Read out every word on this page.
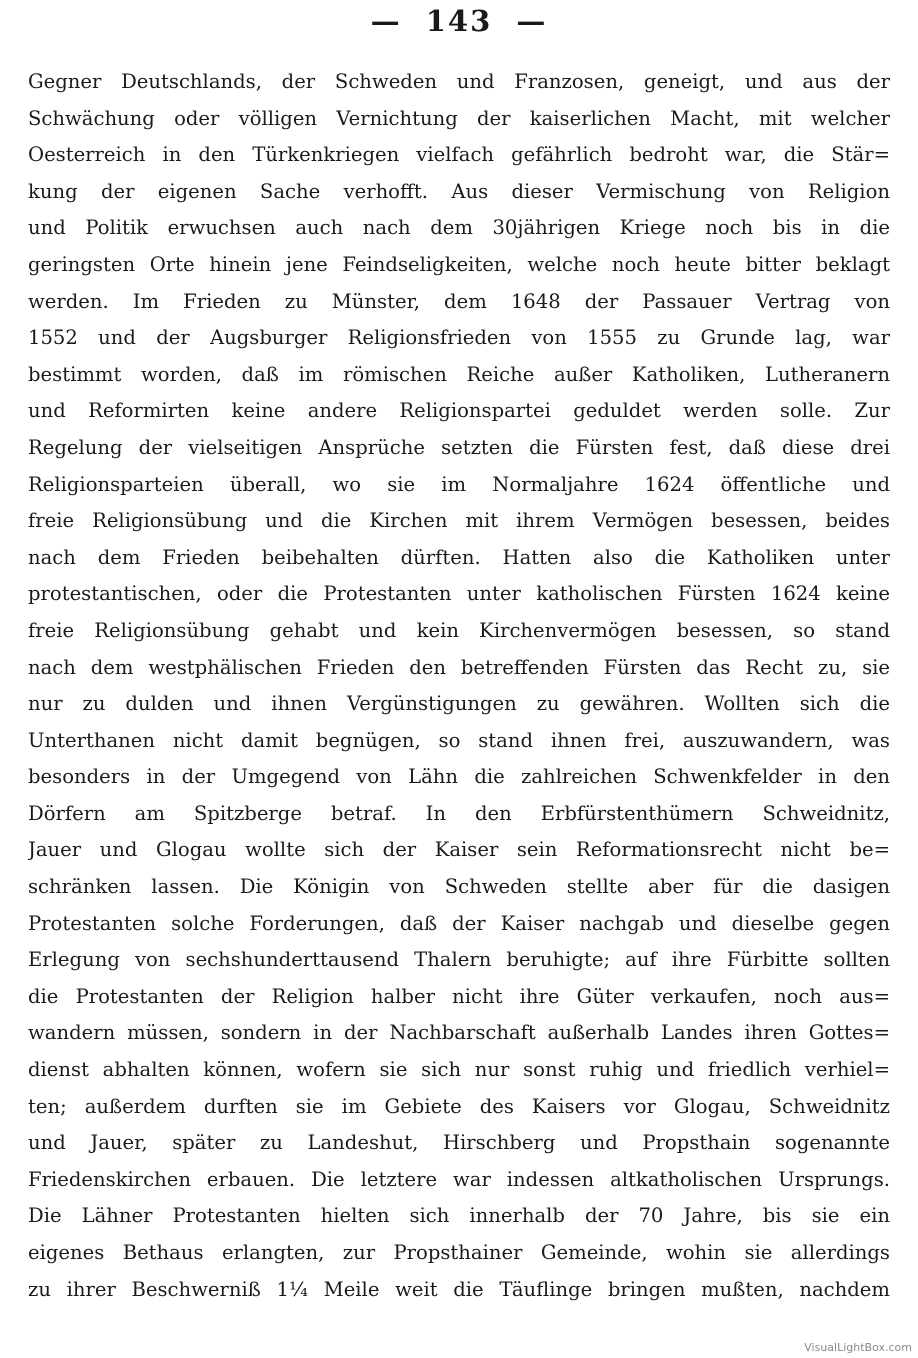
— 143 —
Gegner Deutschlands, der Schweden und Franzosen, geneigt, und aus der
Schwächung oder völligen Vernichtung der kaiserlichen Macht, mit welcher
Oesterreich in den Türkenkriegen vielfach gefährlich bedroht war, die Stär=
kung der eigenen Sache verhofft. Aus dieser Vermischung von Religion
und Politik erwuchsen auch nach dem 30jährigen Kriege noch bis in die
geringsten Orte hinein jene Feindseligkeiten, welche noch heute bitter beklagt
werden. Im Frieden zu Münster, dem 1648 der Passauer Vertrag von
1552 und der Augsburger Religionsfrieden von 1555 zu Grunde lag, war
bestimmt worden, daß im römischen Reiche außer Katholiken, Lutheranern
und Reformirten keine andere Religionspartei geduldet werden solle. Zur
Regelung der vielseitigen Ansprüche setzten die Fürsten fest, daß diese drei
Religionsparteien überall, wo sie im Normaljahre 1624 öffentliche und
freie Religionsübung und die Kirchen mit ihrem Vermögen besessen, beides
nach dem Frieden beibehalten dürften. Hatten also die Katholiken unter
protestantischen, oder die Protestanten unter katholischen Fürsten 1624 keine
freie Religionsübung gehabt und kein Kirchenvermögen besessen, so stand
nach dem westphälischen Frieden den betreffenden Fürsten das Recht zu, sie
nur zu dulden und ihnen Vergünstigungen zu gewähren. Wollten sich die
Unterthanen nicht damit begnügen, so stand ihnen frei, auszuwandern, was
besonders in der Umgegend von Lähn die zahlreichen Schwenkfelder in den
Dörfern am Spitzberge betraf. In den Erbfürstenthümern Schweidnitz,
Jauer und Glogau wollte sich der Kaiser sein Reformationsrecht nicht be=
schränken lassen. Die Königin von Schweden stellte aber für die dasigen
Protestanten solche Forderungen, daß der Kaiser nachgab und dieselbe gegen
Erlegung von sechshunderttausend Thalern beruhigte; auf ihre Fürbitte sollten
die Protestanten der Religion halber nicht ihre Güter verkaufen, noch aus=
wandern müssen, sondern in der Nachbarschaft außerhalb Landes ihren Gottes=
dienst abhalten können, wofern sie sich nur sonst ruhig und friedlich verhiel=
ten; außerdem durften sie im Gebiete des Kaisers vor Glogau, Schweidnitz
und Jauer, später zu Landeshut, Hirschberg und Propsthain sogenannte
Friedenskirchen erbauen. Die letztere war indessen altkatholischen Ursprungs.
Die Lähner Protestanten hielten sich innerhalb der 70 Jahre, bis sie ein
eigenes Bethaus erlangten, zur Propsthainer Gemeinde, wohin sie allerdings
zu ihrer Beschwerniß 1¼ Meile weit die Täuflinge bringen mußten, nachdem
VisualLightBox.com
